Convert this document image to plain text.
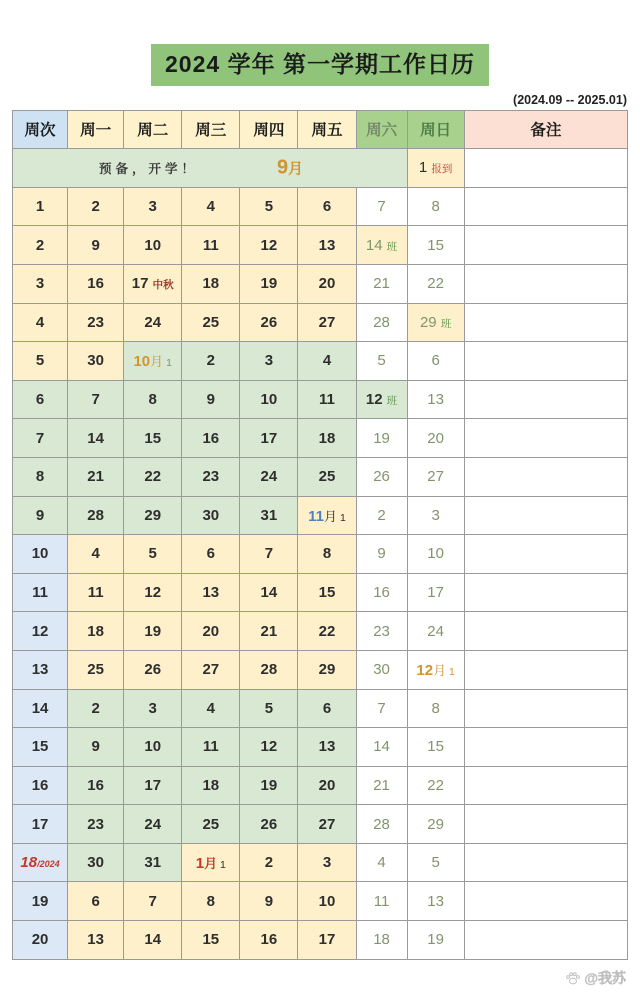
2024 学年 第一学期工作日历
(2024.09 -- 2025.01)
周次	周一	周二	周三	周四	周五	周六	周日	备注

预备，开学！ 9月							1 报到	
1	2	3	4	5	6	7	8	
2	9	10	11	12	13	14 班	15	
3	16	17 中秋	18	19	20	21	22	
4	23	24	25	26	27	28	29 班	
5	30	10月 1	2	3	4	5	6	
6	7	8	9	10	11	12 班	13	
7	14	15	16	17	18	19	20	
8	21	22	23	24	25	26	27	
9	28	29	30	31	11月 1	2	3	
10	4	5	6	7	8	9	10	
11	11	12	13	14	15	16	17	
12	18	19	20	21	22	23	24	
13	25	26	27	28	29	30	12月 1	
14	2	3	4	5	6	7	8	
15	9	10	11	12	13	14	15	
16	16	17	18	19	20	21	22	
17	23	24	25	26	27	28	29	
18/2024	30	31	1月 1	2	3	4	5	
19	6	7	8	9	10	11	13	
20	13	14	15	16	17	18	19	
@我苏
